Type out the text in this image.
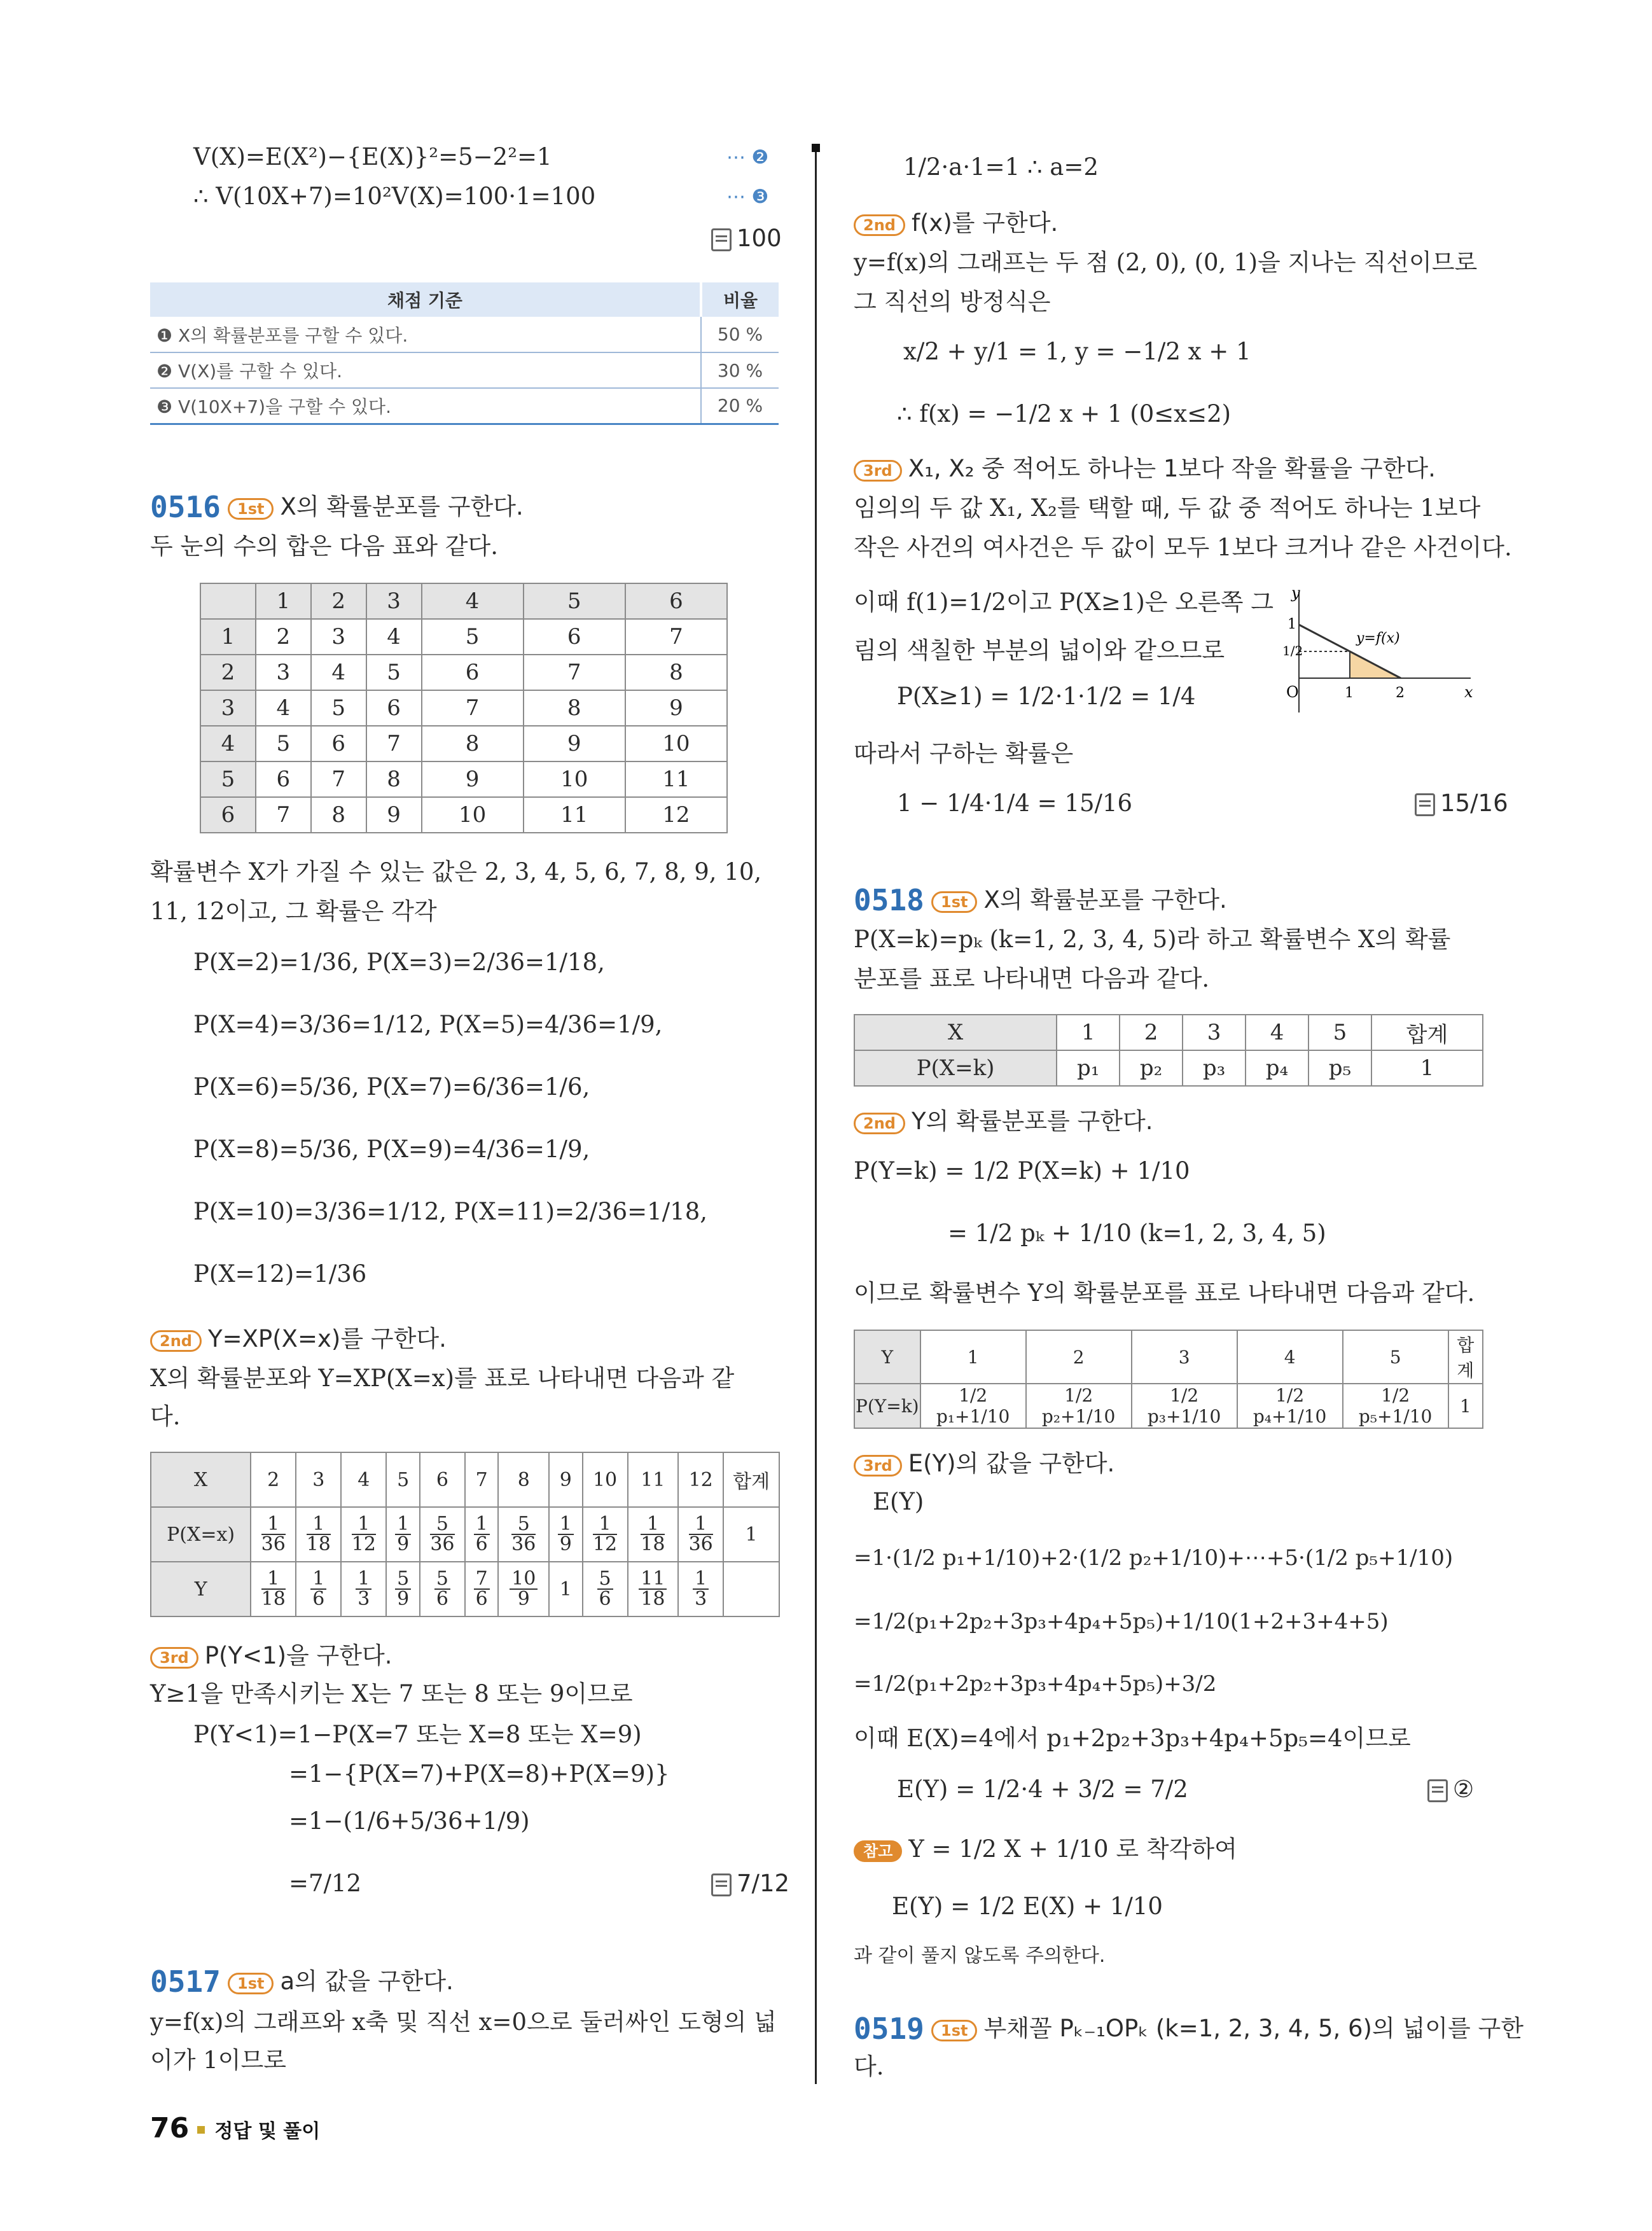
V(X)=E(X²)−{E(X)}²=5−2²=1	⋯ ❷
∴ V(10X+7)=10²V(X)=100·1=100	⋯ ❸
100
채점 기준	비율
❶ X의 확률분포를 구할 수 있다.	50 %
❷ V(X)를 구할 수 있다.	30 %
❸ V(10X+7)을 구할 수 있다.	20 %
0516	1st X의 확률분포를 구한다.
두 눈의 수의 합은 다음 표와 같다.
	1	2	3	4	5	6
1	2	3	4	5	6	7
2	3	4	5	6	7	8
3	4	5	6	7	8	9
4	5	6	7	8	9	10
5	6	7	8	9	10	11
6	7	8	9	10	11	12
확률변수 X가 가질 수 있는 값은 2, 3, 4, 5, 6, 7, 8, 9, 10,
11, 12이고, 그 확률은 각각
P(X=2)=1/36, P(X=3)=2/36=1/18,
P(X=4)=3/36=1/12, P(X=5)=4/36=1/9,
P(X=6)=5/36, P(X=7)=6/36=1/6,
P(X=8)=5/36, P(X=9)=4/36=1/9,
P(X=10)=3/36=1/12, P(X=11)=2/36=1/18,
P(X=12)=1/36
2nd Y=XP(X=x)를 구한다.
X의 확률분포와 Y=XP(X=x)를 표로 나타내면 다음과 같
다.
X	2	3	4	5	6	7	8	9	10	11	12	합계
P(X=x)	$\frac{1}{36}$	$\frac{1}{18}$	$\frac{1}{12}$	$\frac{1}{9}$	$\frac{5}{36}$	$\frac{1}{6}$	$\frac{5}{36}$	$\frac{1}{9}$	$\frac{1}{12}$	$\frac{1}{18}$	$\frac{1}{36}$	1
Y	$\frac{1}{18}$	$\frac{1}{6}$	$\frac{1}{3}$	$\frac{5}{9}$	$\frac{5}{6}$	$\frac{7}{6}$	$\frac{10}{9}$	1	$\frac{5}{6}$	$\frac{11}{18}$	$\frac{1}{3}$

3rd P(Y<1)을 구한다.
Y≥1을 만족시키는 X는 7 또는 8 또는 9이므로
P(Y<1)=1−P(X=7 또는 X=8 또는 X=9)
=1−{P(X=7)+P(X=8)+P(X=9)}
=1−(1/6+5/36+1/9)
=7/12	7/12
0517	1st a의 값을 구한다.
y=f(x)의 그래프와 x축 및 직선 x=0으로 둘러싸인 도형의 넓
이가 1이므로
1/2·a·1=1 ∴ a=2
2nd f(x)를 구한다.
y=f(x)의 그래프는 두 점 (2, 0), (0, 1)을 지나는 직선이므로
그 직선의 방정식은
x/2 + y/1 = 1, y = −1/2 x + 1
∴ f(x) = −1/2 x + 1 (0≤x≤2)
3rd X₁, X₂ 중 적어도 하나는 1보다 작을 확률을 구한다.
임의의 두 값 X₁, X₂를 택할 때, 두 값 중 적어도 하나는 1보다
작은 사건의 여사건은 두 값이 모두 1보다 크거나 같은 사건이다.
이때 f(1)=1/2이고 P(X≥1)은 오른쪽 그
림의 색칠한 부분의 넓이와 같으므로
P(X≥1) = 1/2·1·1/2 = 1/4
따라서 구하는 확률은
1 − 1/4·1/4 = 15/16	15/16
y
x
O
y=f(x)
1	2
1
1/2
0518	1st X의 확률분포를 구한다.
P(X=k)=pₖ (k=1, 2, 3, 4, 5)라 하고 확률변수 X의 확률
분포를 표로 나타내면 다음과 같다.
X	1	2	3	4	5	합계
P(X=k)	p₁	p₂	p₃	p₄	p₅	1
2nd Y의 확률분포를 구한다.
P(Y=k) = 1/2 P(X=k) + 1/10
= 1/2 pₖ + 1/10 (k=1, 2, 3, 4, 5)
이므로 확률변수 Y의 확률분포를 표로 나타내면 다음과 같다.
Y	1	2	3	4	5	합계
P(Y=k)	1/2 p₁+1/10	1/2 p₂+1/10	1/2 p₃+1/10	1/2 p₄+1/10	1/2 p₅+1/10	1
3rd E(Y)의 값을 구한다.
E(Y)
=1·(1/2 p₁+1/10)+2·(1/2 p₂+1/10)+⋯+5·(1/2 p₅+1/10)
=1/2(p₁+2p₂+3p₃+4p₄+5p₅)+1/10(1+2+3+4+5)
=1/2(p₁+2p₂+3p₃+4p₄+5p₅)+3/2
이때 E(X)=4에서 p₁+2p₂+3p₃+4p₄+5p₅=4이므로
E(Y) = 1/2·4 + 3/2 = 7/2	②
참고 Y = 1/2 X + 1/10 로 착각하여
E(Y) = 1/2 E(X) + 1/10
과 같이 풀지 않도록 주의한다.
0519	1st 부채꼴 Pₖ₋₁OPₖ (k=1, 2, 3, 4, 5, 6)의 넓이를 구한
다.
76 정답 및 풀이
